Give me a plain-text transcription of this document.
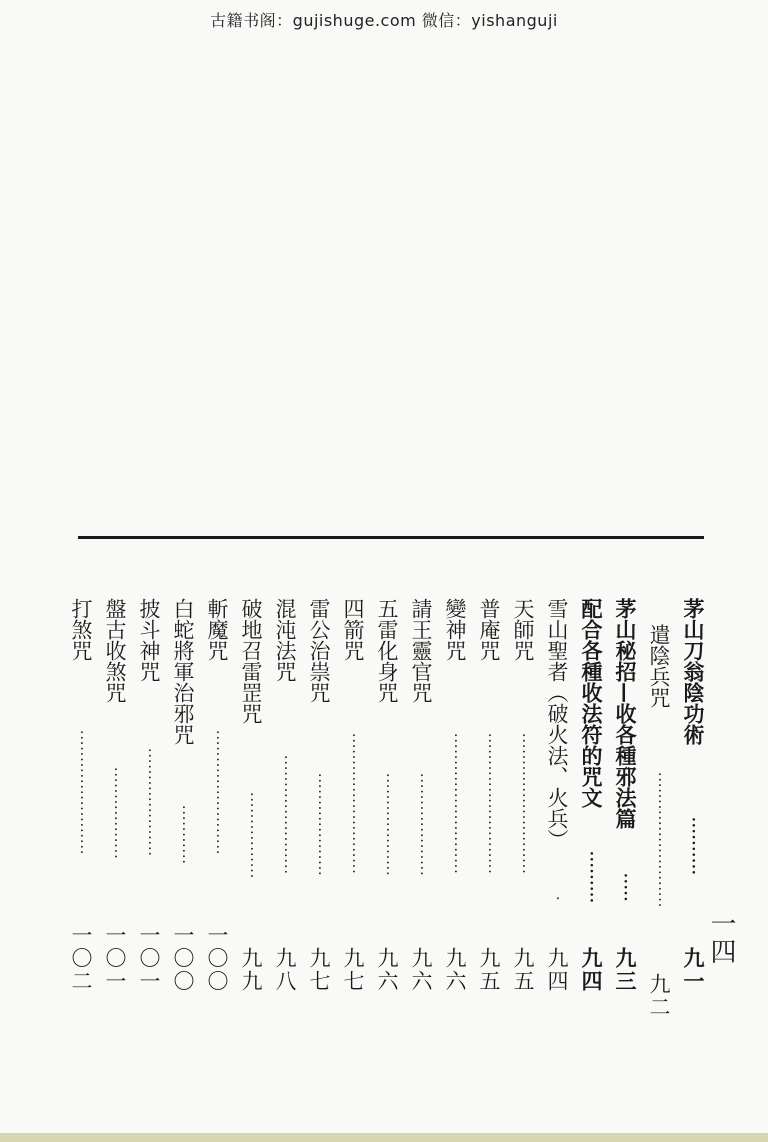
古籍书阁：gujishuge.com 微信：yishanguji
茅山刀翁陰功術
··········
九一
遣陰兵咒
·························
九二
茅山秘招—收各種邪法篇
·····
九三
配合各種收法符的咒文
·········
九四
雪山聖者（破火法、火兵）
·
九四
天師咒
··························
九五
普庵咒
··························
九五
變神咒
··························
九六
請王靈官咒
···················
九六
五雷化身咒
···················
九六
四箭咒
··························
九七
雷公治祟咒
···················
九七
混沌法咒
······················
九八
破地召雷罡咒
················
九九
斬魔咒
·······················
一〇〇
白蛇將軍治邪咒
···········
一〇〇
披斗神咒
····················
一〇一
盤古收煞咒
·················
一〇一
打煞咒
·······················
一〇二	一四
